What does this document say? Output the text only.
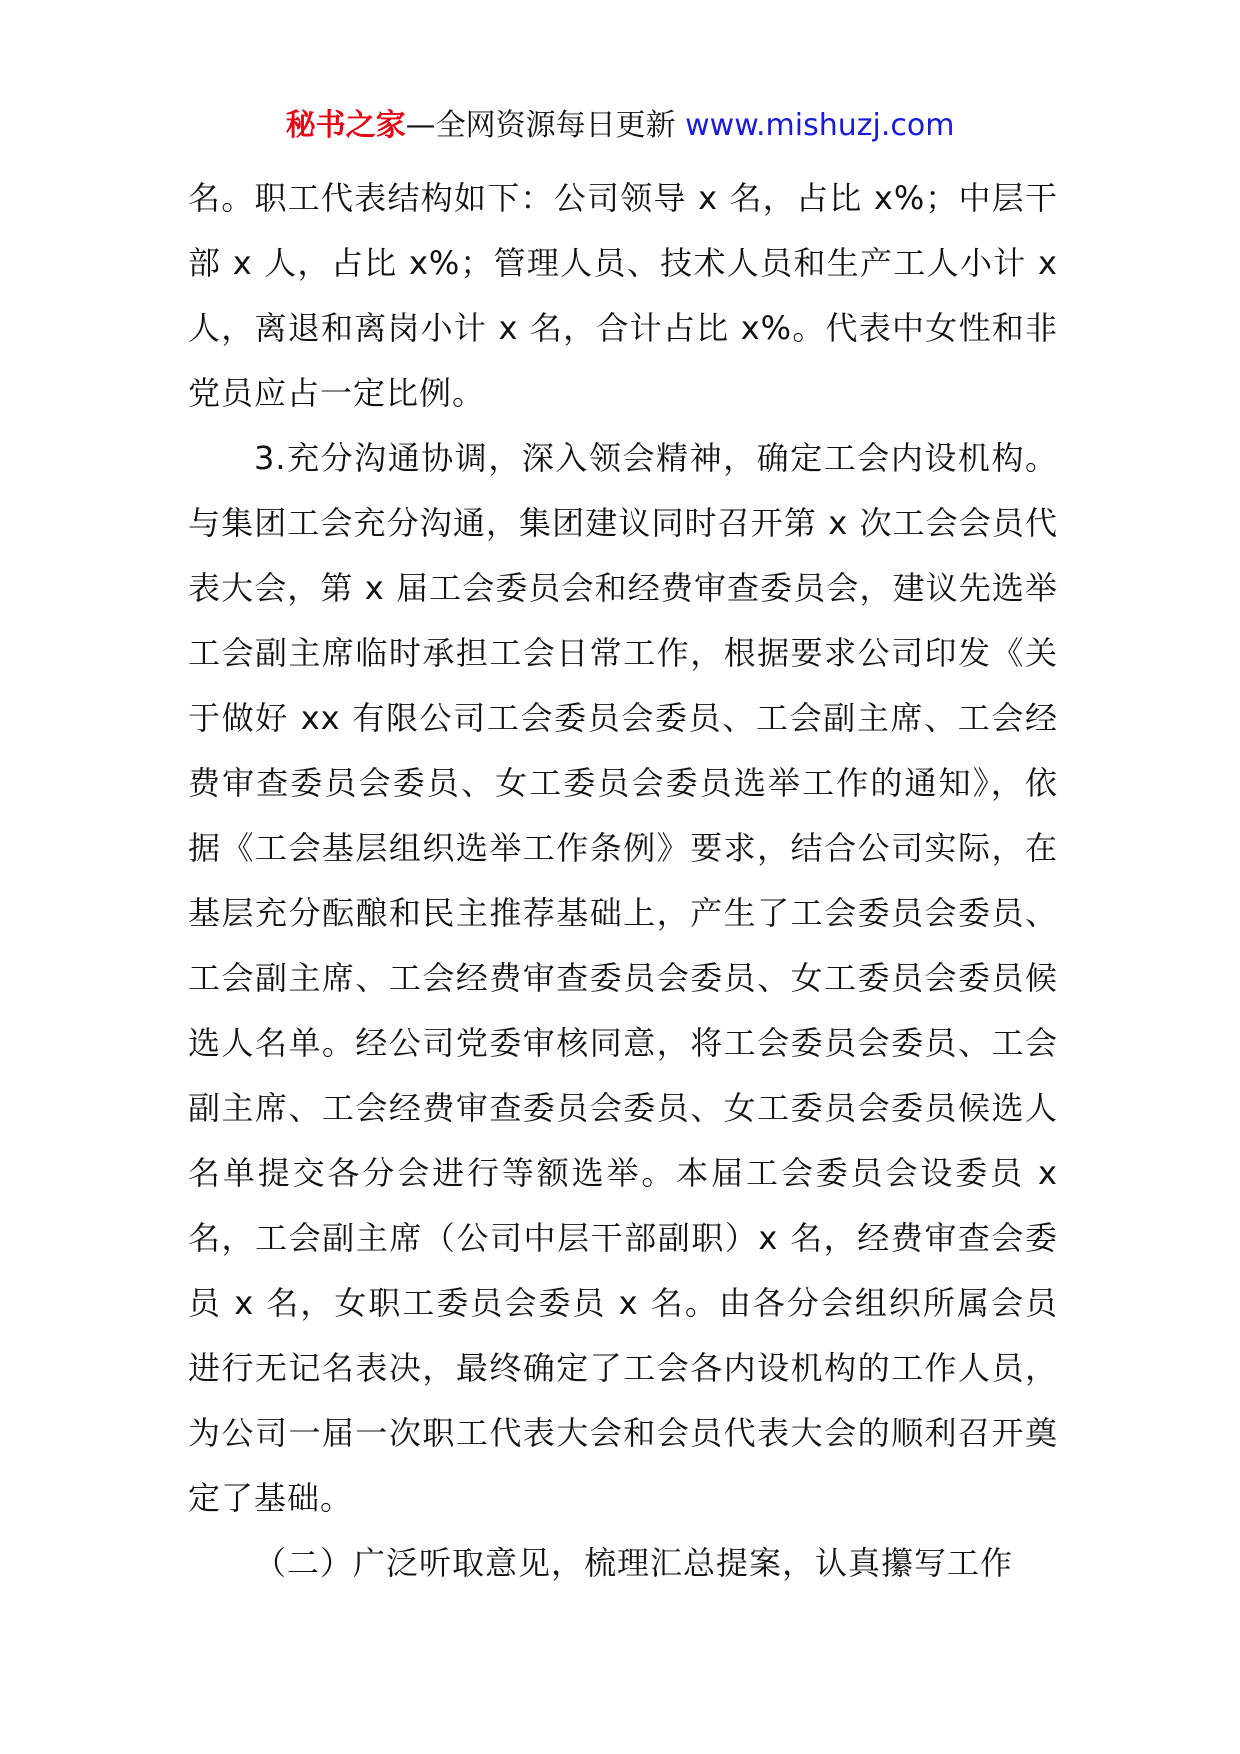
秘书之家—全网资源每日更新 www.mishuzj.com

名。职工代表结构如下：公司领导 x 名，占比 x%；中层干部 x 人，占比 x%；管理人员、技术人员和生产工人小计 x 人，离退和离岗小计 x 名，合计占比 x%。代表中女性和非党员应占一定比例。

3.充分沟通协调，深入领会精神，确定工会内设机构。与集团工会充分沟通，集团建议同时召开第 x 次工会会员代表大会，第 x 届工会委员会和经费审查委员会，建议先选举工会副主席临时承担工会日常工作，根据要求公司印发《关于做好 xx 有限公司工会委员会委员、工会副主席、工会经费审查委员会委员、女工委员会委员选举工作的通知》，依据《工会基层组织选举工作条例》要求，结合公司实际，在基层充分酝酿和民主推荐基础上，产生了工会委员会委员、工会副主席、工会经费审查委员会委员、女工委员会委员候选人名单。经公司党委审核同意，将工会委员会委员、工会副主席、工会经费审查委员会委员、女工委员会委员候选人名单提交各分会进行等额选举。本届工会委员会设委员 x 名，工会副主席（公司中层干部副职）x 名，经费审查会委员 x 名，女职工委员会委员 x 名。由各分会组织所属会员进行无记名表决，最终确定了工会各内设机构的工作人员，为公司一届一次职工代表大会和会员代表大会的顺利召开奠定了基础。

（二）广泛听取意见，梳理汇总提案，认真攥写工作
